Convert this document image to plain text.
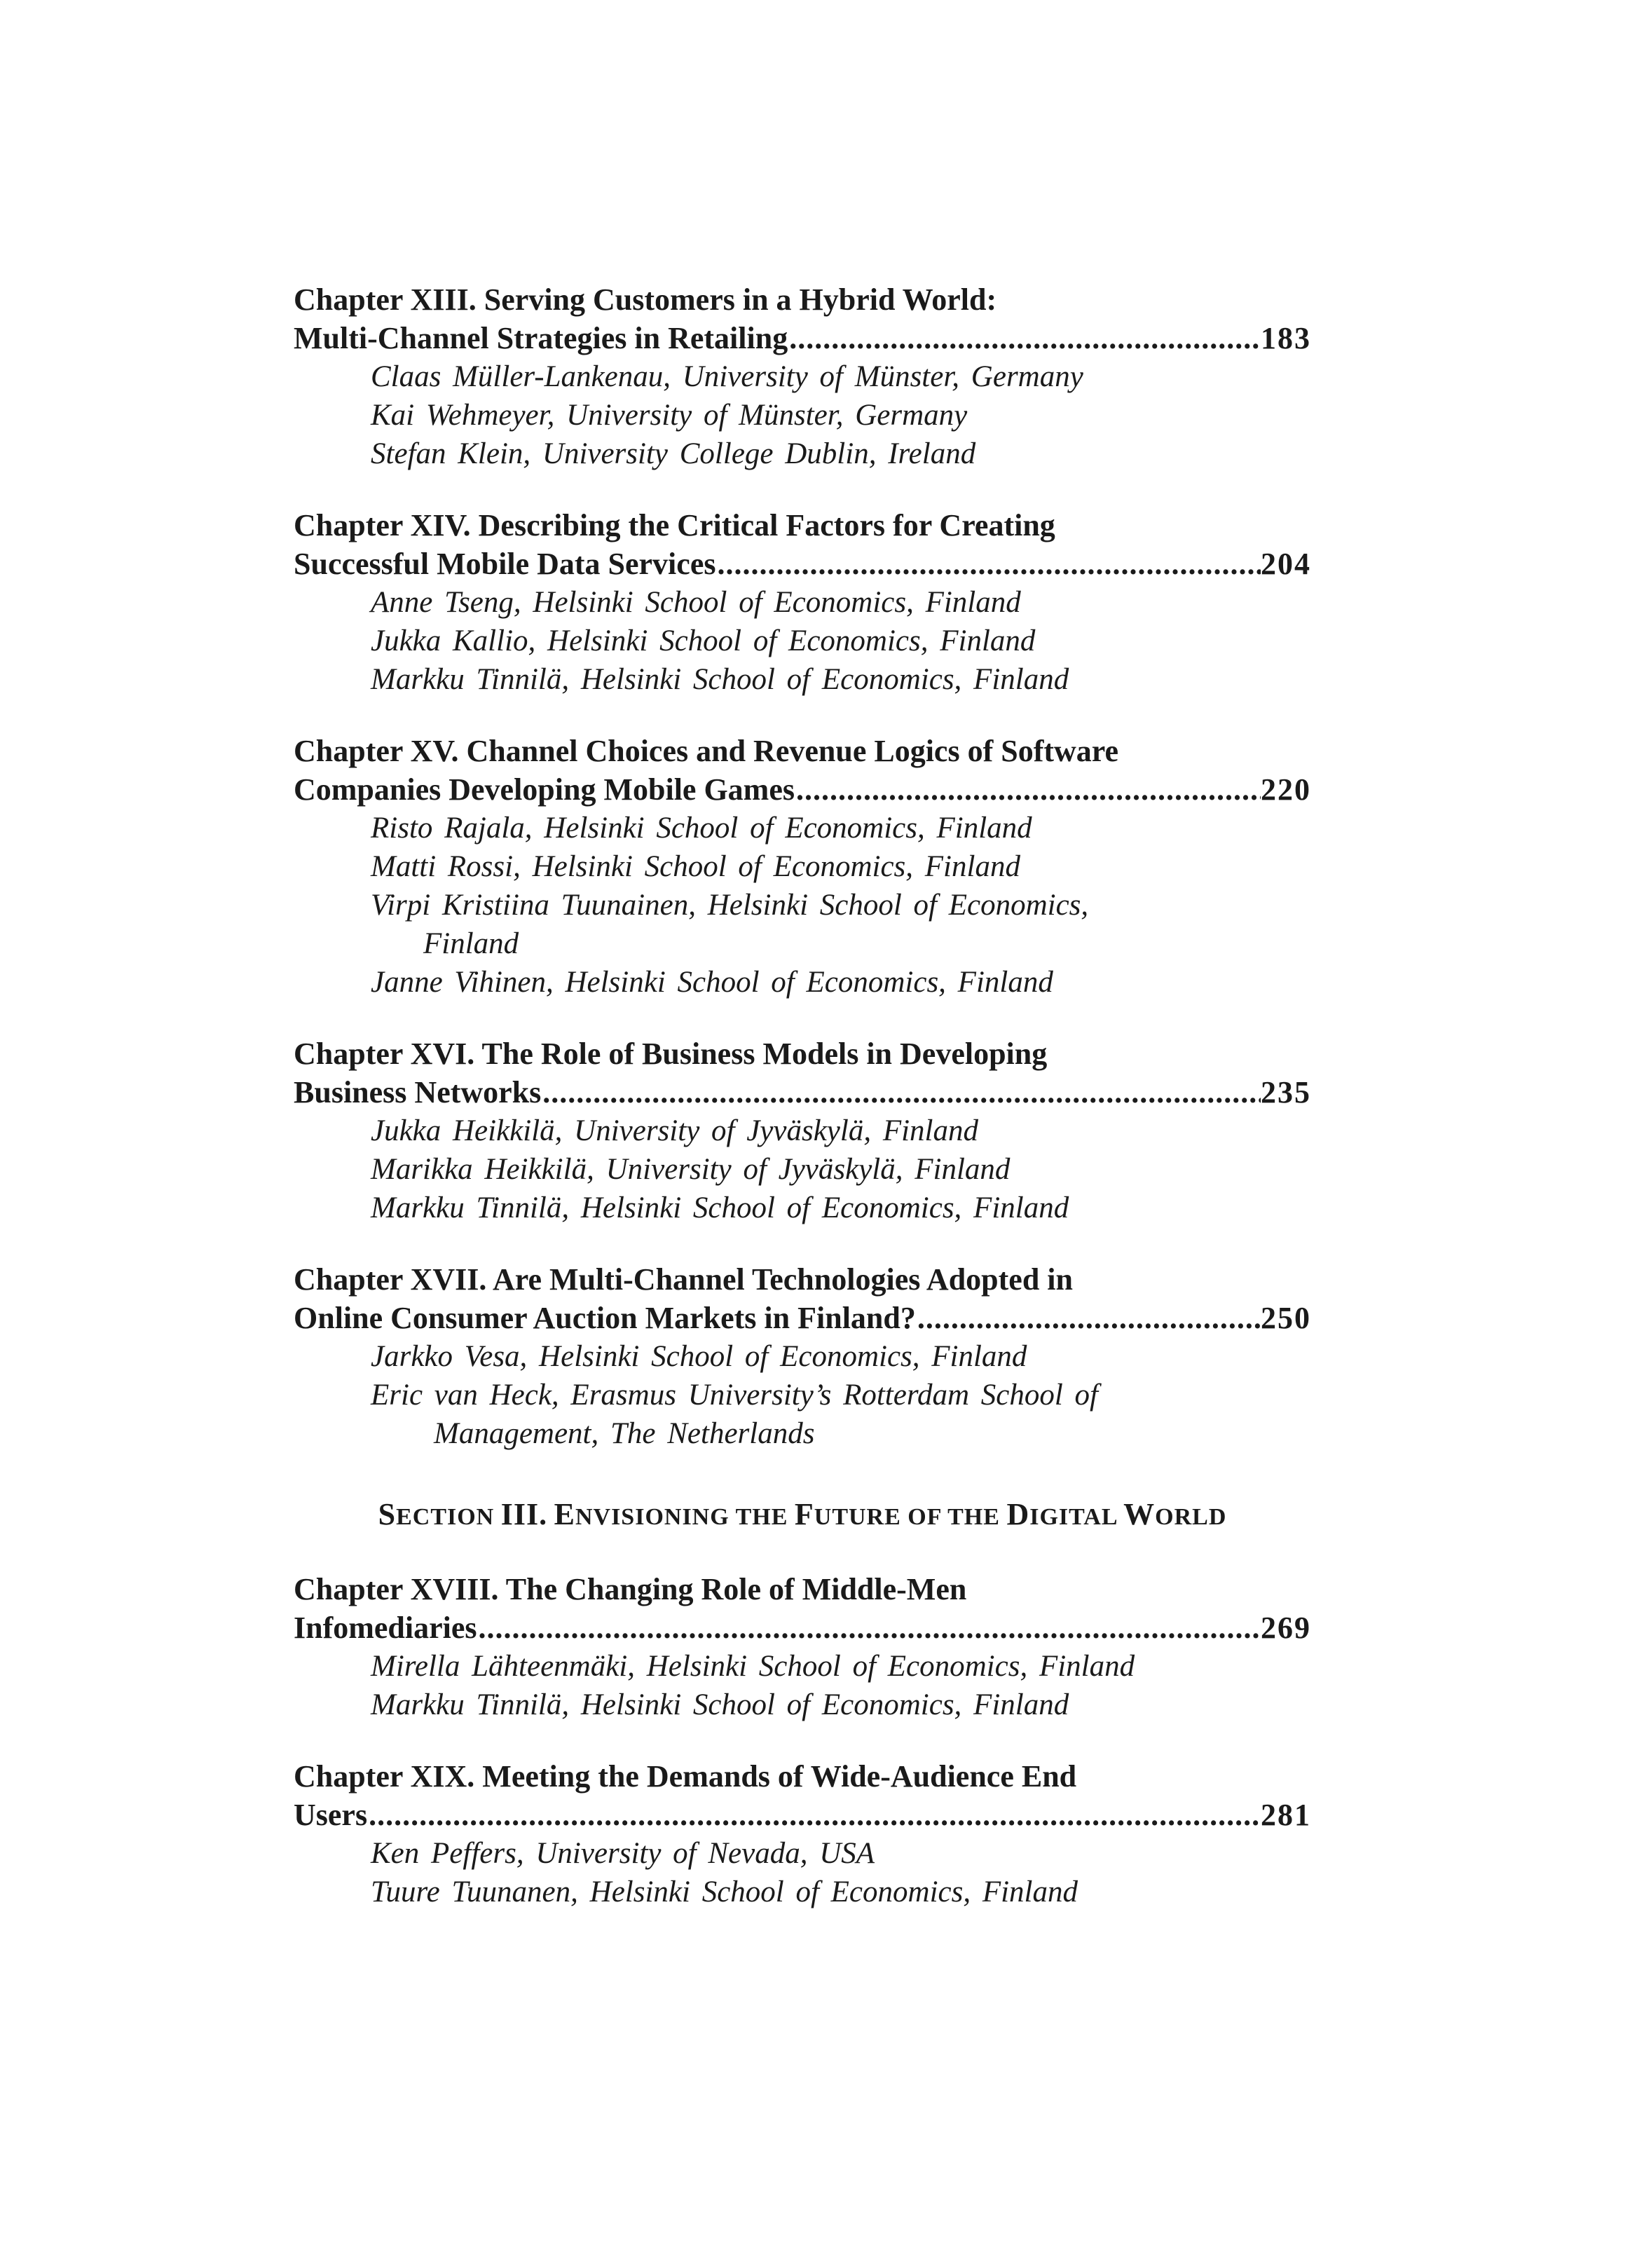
Chapter XIII. Serving Customers in a Hybrid World:
Multi-Channel Strategies in Retailing .....	183
Claas Müller-Lankenau, University of Münster, Germany
Kai Wehmeyer, University of Münster, Germany
Stefan Klein, University College Dublin, Ireland
Chapter XIV. Describing the Critical Factors for Creating
Successful Mobile Data Services .....	204
Anne Tseng, Helsinki School of Economics, Finland
Jukka Kallio, Helsinki School of Economics, Finland
Markku Tinnilä, Helsinki School of Economics, Finland
Chapter XV. Channel Choices and Revenue Logics of Software
Companies Developing Mobile Games .....	220
Risto Rajala, Helsinki School of Economics, Finland
Matti Rossi, Helsinki School of Economics, Finland
Virpi Kristiina Tuunainen, Helsinki School of Economics,
Finland
Janne Vihinen, Helsinki School of Economics, Finland
Chapter XVI. The Role of Business Models in Developing
Business Networks .....	235
Jukka Heikkilä, University of Jyväskylä, Finland
Marikka Heikkilä, University of Jyväskylä, Finland
Markku Tinnilä, Helsinki School of Economics, Finland
Chapter XVII. Are Multi-Channel Technologies Adopted in
Online Consumer Auction Markets in Finland? .....	250
Jarkko Vesa, Helsinki School of Economics, Finland
Eric van Heck, Erasmus University’s Rotterdam School of
Management, The Netherlands
SECTION III. ENVISIONING THE FUTURE OF THE DIGITAL WORLD
Chapter XVIII. The Changing Role of Middle-Men
Infomediaries .....	269
Mirella Lähteenmäki, Helsinki School of Economics, Finland
Markku Tinnilä, Helsinki School of Economics, Finland
Chapter XIX. Meeting the Demands of Wide-Audience End
Users .....	281
Ken Peffers, University of Nevada, USA
Tuure Tuunanen, Helsinki School of Economics, Finland
